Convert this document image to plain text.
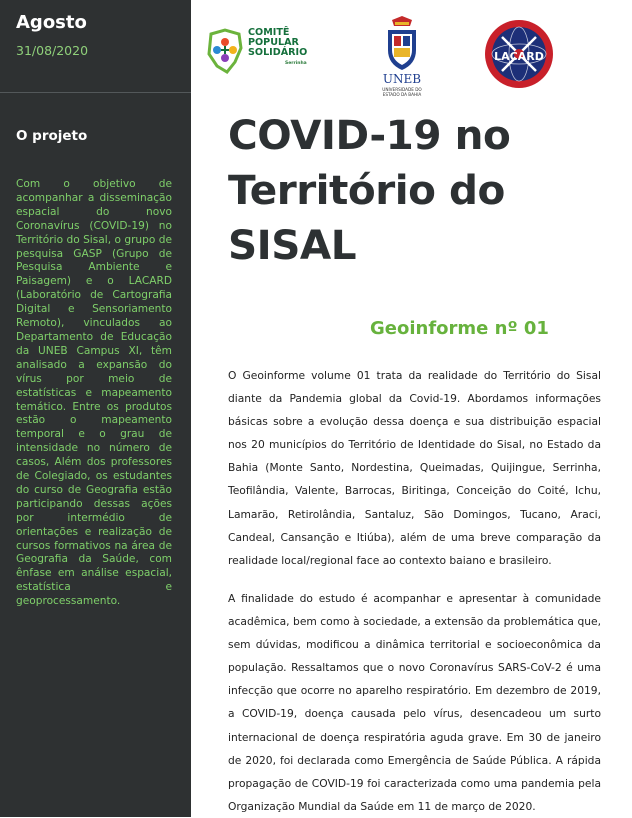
Agosto
31/08/2020
O projeto

Com o objetivo de acompanhar a disseminação espacial do novo Coronavírus (COVID-19) no Território do Sisal, o grupo de pesquisa GASP (Grupo de Pesquisa Ambiente e Paisagem) e o LACARD (Laboratório de Cartografia Digital e Sensoriamento Remoto), vinculados ao Departamento de Educação da UNEB Campus XI, têm analisado a expansão do vírus por meio de estatísticas e mapeamento temático. Entre os produtos estão o mapeamento temporal e o grau de intensidade no número de casos, Além dos professores de Colegiado, os estudantes do curso de Geografia estão participando dessas ações por intermédio de orientações e realização de cursos formativos na área de Geografia da Saúde, com ênfase em análise espacial, estatística e geoprocessamento.

COMITÊ
POPULAR
SOLIDÁRIO
Serrinha
UNEB
UNIVERSIDADE DO
ESTADO DA BAHIA
LACARD
COVID-19 no Território do SISAL
Geoinforme nº 01

O Geoinforme volume 01 trata da realidade do Território do Sisal diante da Pandemia global da Covid-19. Abordamos informações básicas sobre a evolução dessa doença e sua distribuição espacial nos 20 municípios do Território de Identidade do Sisal, no Estado da Bahia (Monte Santo, Nordestina, Queimadas, Quijingue, Serrinha, Teofilândia, Valente, Barrocas, Biritinga, Conceição do Coité, Ichu, Lamarão, Retirolândia, Santaluz, São Domingos, Tucano, Araci, Candeal, Cansanção e Itiúba), além de uma breve comparação da realidade local/regional face ao contexto baiano e brasileiro.

A finalidade do estudo é acompanhar e apresentar à comunidade acadêmica, bem como à sociedade, a extensão da problemática que, sem dúvidas, modificou a dinâmica territorial e socioeconômica da população. Ressaltamos que o novo Coronavírus SARS-CoV-2 é uma infecção que ocorre no aparelho respiratório. Em dezembro de 2019, a COVID-19, doença causada pelo vírus, desencadeou um surto internacional de doença respiratória aguda grave. Em 30 de janeiro de 2020, foi declarada como Emergência de Saúde Pública. A rápida propagação de COVID-19 foi caracterizada como uma pandemia pela Organização Mundial da Saúde em 11 de março de 2020.
